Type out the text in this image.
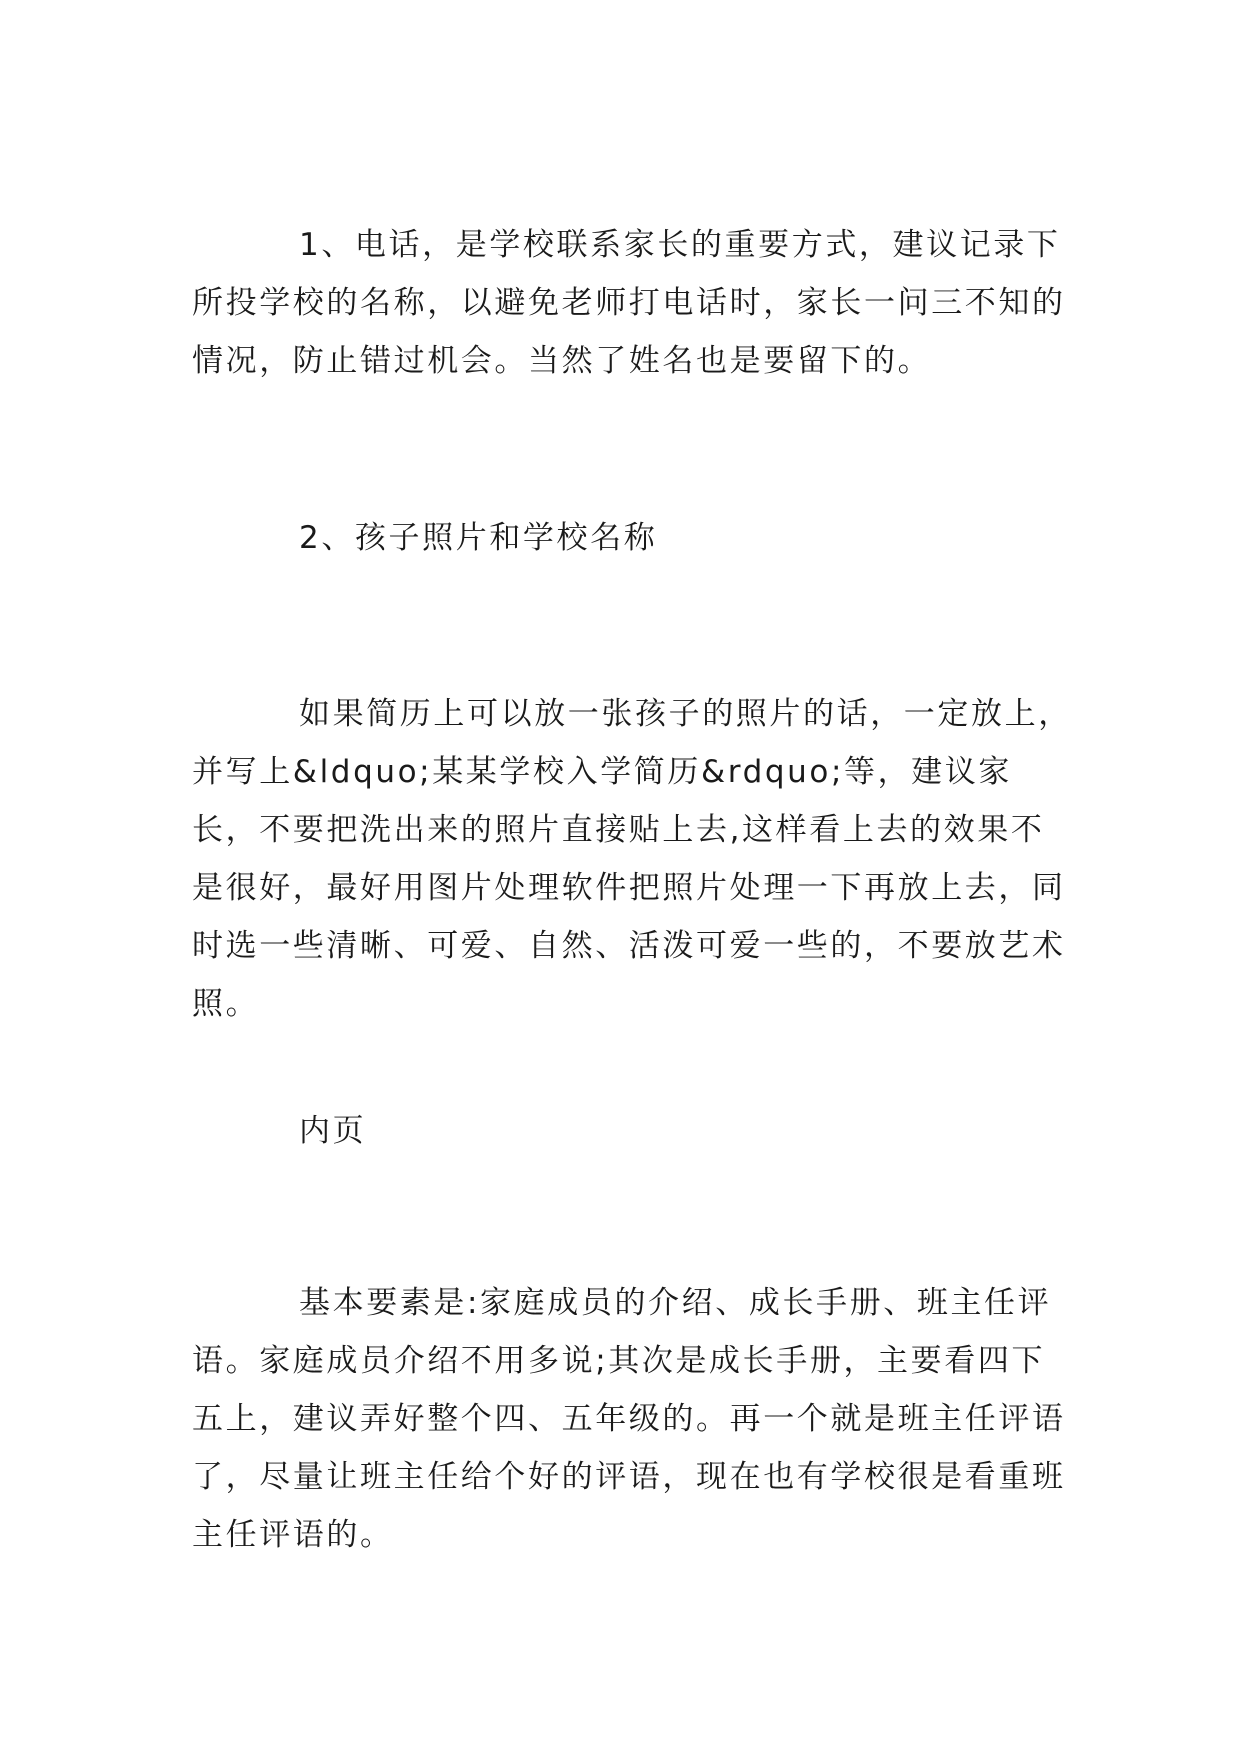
1、电话，是学校联系家长的重要方式，建议记录下所投学校的名称，以避免老师打电话时，家长一问三不知的情况，防止错过机会。当然了姓名也是要留下的。

2、孩子照片和学校名称

如果简历上可以放一张孩子的照片的话，一定放上，并写上&ldquo;某某学校入学简历&rdquo;等，建议家长，不要把洗出来的照片直接贴上去,这样看上去的效果不是很好，最好用图片处理软件把照片处理一下再放上去，同时选一些清晰、可爱、自然、活泼可爱一些的，不要放艺术照。

内页

基本要素是:家庭成员的介绍、成长手册、班主任评语。家庭成员介绍不用多说;其次是成长手册，主要看四下五上，建议弄好整个四、五年级的。再一个就是班主任评语了，尽量让班主任给个好的评语，现在也有学校很是看重班主任评语的。
